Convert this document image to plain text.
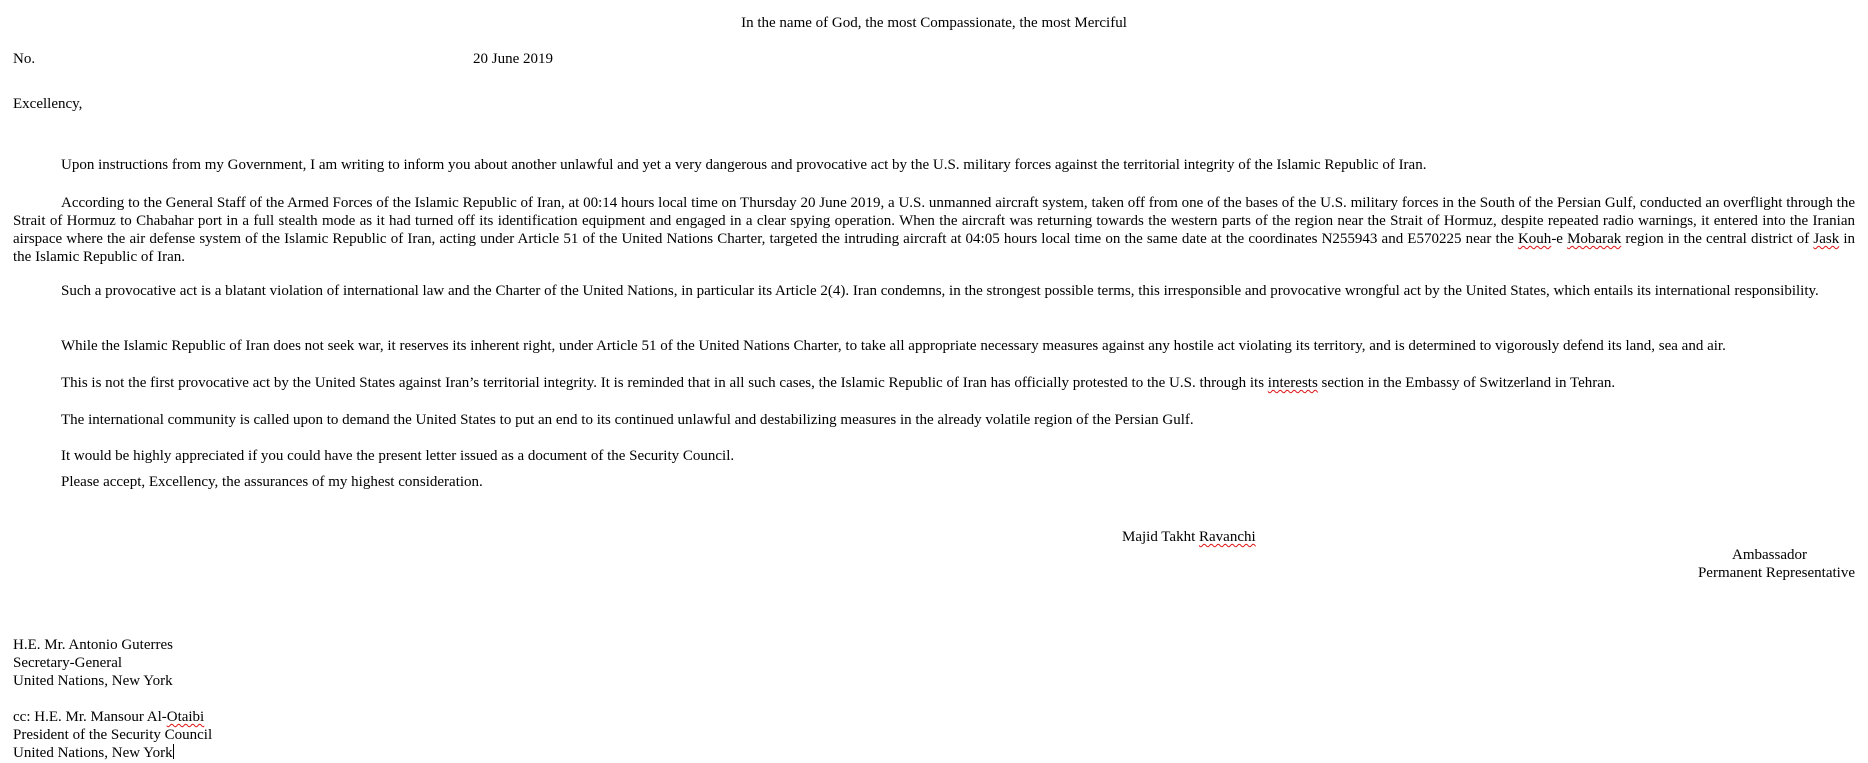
In the name of God, the most Compassionate, the most Merciful
No.	20 June 2019
Excellency,
Upon instructions from my Government, I am writing to inform you about another unlawful and yet a very dangerous and provocative act by the U.S. military forces against the territorial integrity of the Islamic Republic of Iran.
According to the General Staff of the Armed Forces of the Islamic Republic of Iran, at 00:14 hours local time on Thursday 20 June 2019, a U.S. unmanned aircraft system, taken off from one of the bases of the U.S. military forces in the South of the Persian Gulf, conducted an overflight through the Strait of Hormuz to Chabahar port in a full stealth mode as it had turned off its identification equipment and engaged in a clear spying operation. When the aircraft was returning towards the western parts of the region near the Strait of Hormuz, despite repeated radio warnings, it entered into the Iranian airspace where the air defense system of the Islamic Republic of Iran, acting under Article 51 of the United Nations Charter, targeted the intruding aircraft at 04:05 hours local time on the same date at the coordinates N255943 and E570225 near the Kouh-e Mobarak region in the central district of Jask in the Islamic Republic of Iran.
Such a provocative act is a blatant violation of international law and the Charter of the United Nations, in particular its Article 2(4). Iran condemns, in the strongest possible terms, this irresponsible and provocative wrongful act by the United States, which entails its international responsibility.
While the Islamic Republic of Iran does not seek war, it reserves its inherent right, under Article 51 of the United Nations Charter, to take all appropriate necessary measures against any hostile act violating its territory, and is determined to vigorously defend its land, sea and air.
This is not the first provocative act by the United States against Iran’s territorial integrity. It is reminded that in all such cases, the Islamic Republic of Iran has officially protested to the U.S. through its interests section in the Embassy of Switzerland in Tehran.
The international community is called upon to demand the United States to put an end to its continued unlawful and destabilizing measures in the already volatile region of the Persian Gulf.
It would be highly appreciated if you could have the present letter issued as a document of the Security Council.
Please accept, Excellency, the assurances of my highest consideration.
Majid Takht Ravanchi
Ambassador
Permanent Representative
H.E. Mr. Antonio Guterres
Secretary-General
United Nations, New York
cc: H.E. Mr. Mansour Al-Otaibi
President of the Security Council
United Nations, New York
